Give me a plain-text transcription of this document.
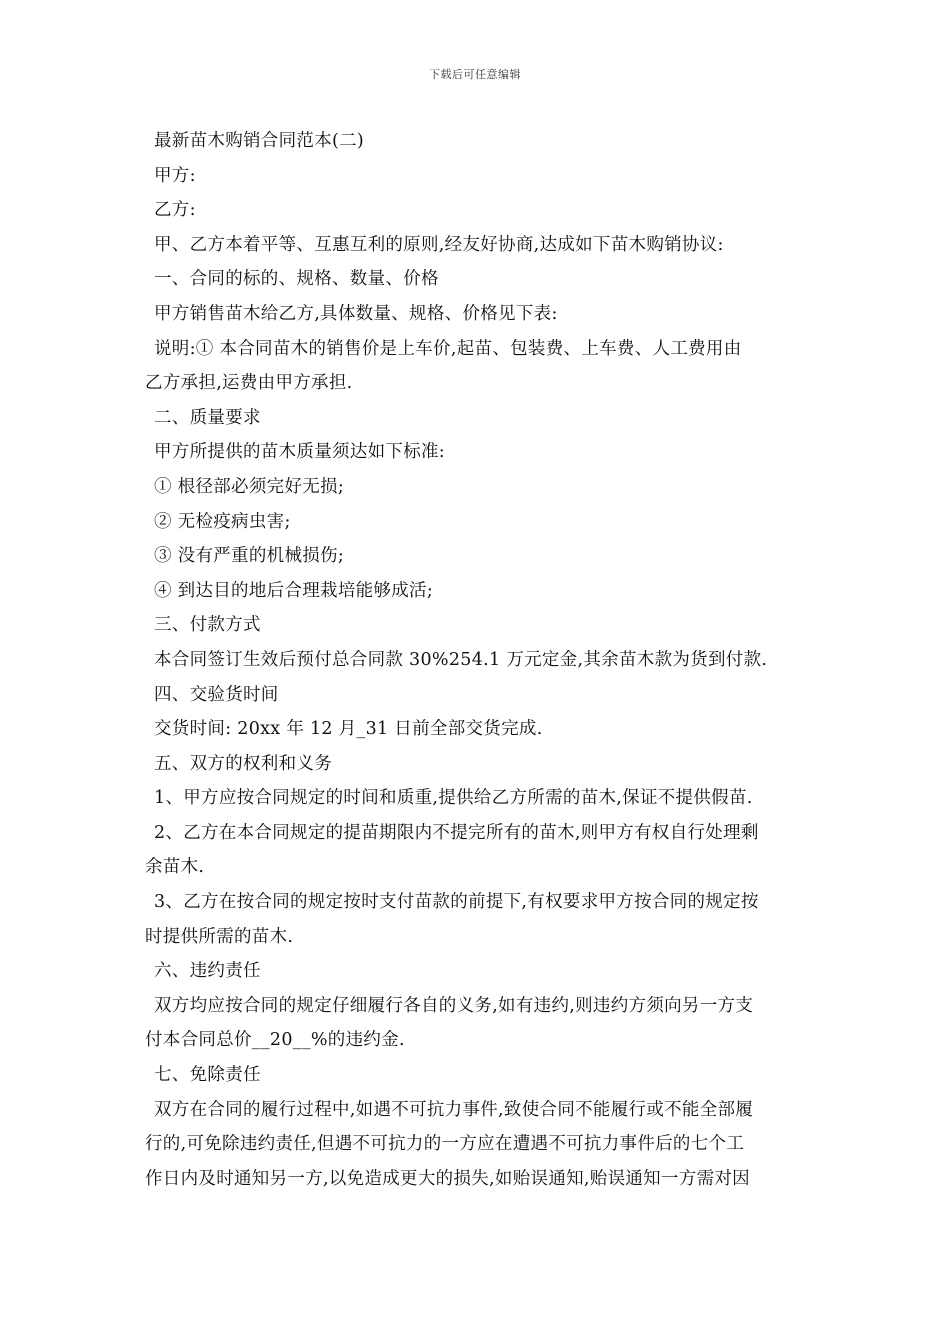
下载后可任意编辑
最新苗木购销合同范本(二)
甲方:
乙方:
甲、乙方本着平等、互惠互利的原则,经友好协商,达成如下苗木购销协议:
一、合同的标的、规格、数量、价格
甲方销售苗木给乙方,具体数量、规格、价格见下表:
说明:① 本合同苗木的销售价是上车价,起苗、包装费、上车费、人工费用由
乙方承担,运费由甲方承担.
二、质量要求
甲方所提供的苗木质量须达如下标准:
① 根径部必须完好无损;
② 无检疫病虫害;
③ 没有严重的机械损伤;
④ 到达目的地后合理栽培能够成活;
三、付款方式
本合同签订生效后预付总合同款 30%254.1 万元定金,其余苗木款为货到付款.
四、交验货时间
交货时间: 20xx 年 12 月_31 日前全部交货完成.
五、双方的权利和义务
1、甲方应按合同规定的时间和质重,提供给乙方所需的苗木,保证不提供假苗.
2、乙方在本合同规定的提苗期限内不提完所有的苗木,则甲方有权自行处理剩
余苗木.
3、乙方在按合同的规定按时支付苗款的前提下,有权要求甲方按合同的规定按
时提供所需的苗木.
六、违约责任
双方均应按合同的规定仔细履行各自的义务,如有违约,则违约方须向另一方支
付本合同总价__20__%的违约金.
七、免除责任
双方在合同的履行过程中,如遇不可抗力事件,致使合同不能履行或不能全部履
行的,可免除违约责任,但遇不可抗力的一方应在遭遇不可抗力事件后的七个工
作日内及时通知另一方,以免造成更大的损失,如贻误通知,贻误通知一方需对因
